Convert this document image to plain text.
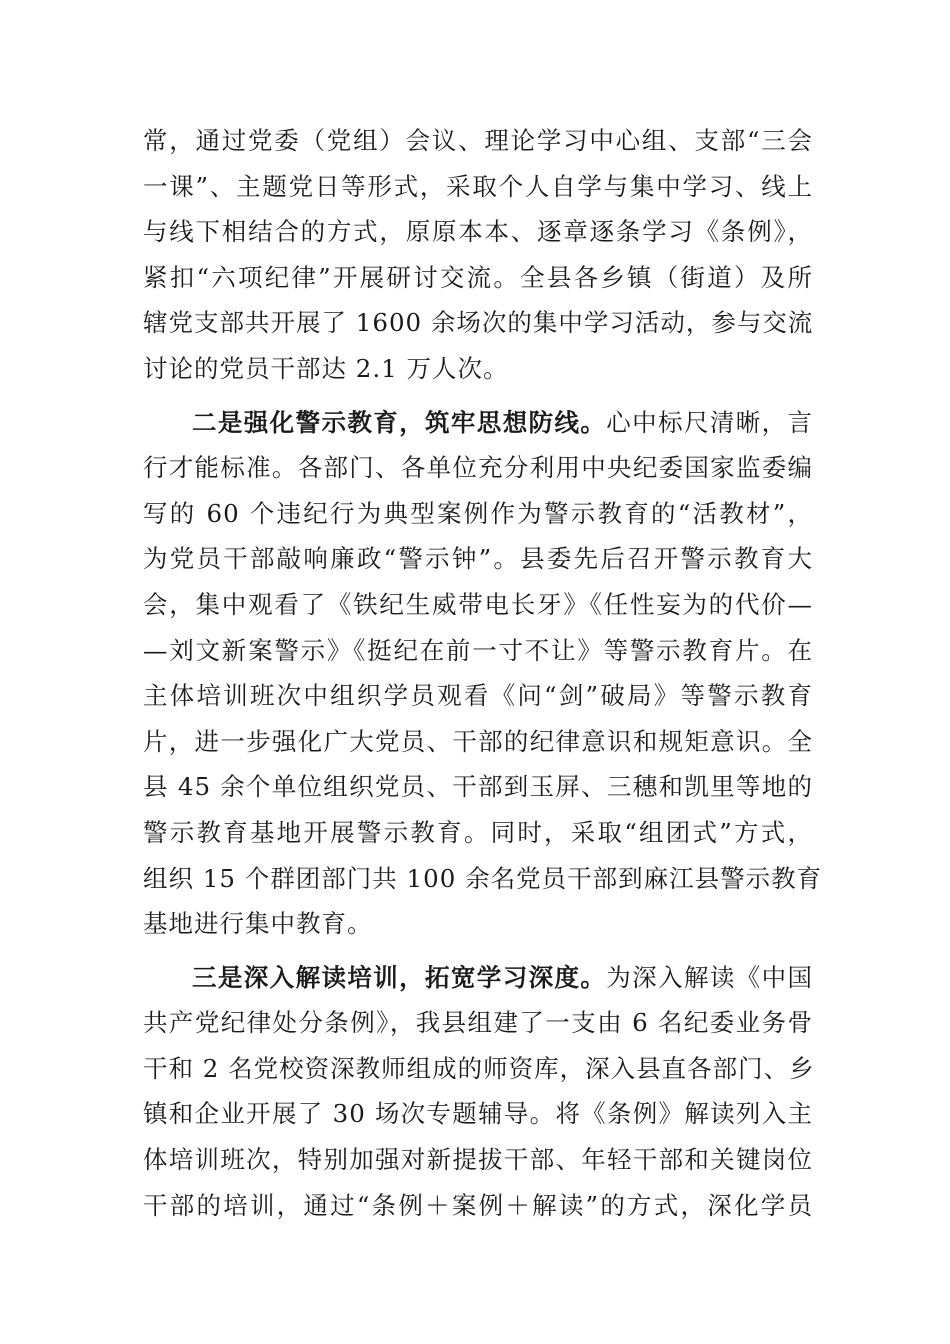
常，通过党委（党组）会议、理论学习中心组、支部“三会
一课”、主题党日等形式，采取个人自学与集中学习、线上
与线下相结合的方式，原原本本、逐章逐条学习《条例》，
紧扣“六项纪律”开展研讨交流。全县各乡镇（街道）及所
辖党支部共开展了 1600 余场次的集中学习活动，参与交流
讨论的党员干部达 2.1 万人次。
二是强化警示教育，筑牢思想防线。心中标尺清晰，言
行才能标准。各部门、各单位充分利用中央纪委国家监委编
写的 60 个违纪行为典型案例作为警示教育的“活教材”，
为党员干部敲响廉政“警示钟”。县委先后召开警示教育大
会，集中观看了《铁纪生威带电长牙》《任性妄为的代价—
—刘文新案警示》《挺纪在前一寸不让》等警示教育片。在
主体培训班次中组织学员观看《问“剑”破局》等警示教育
片，进一步强化广大党员、干部的纪律意识和规矩意识。全
县 45 余个单位组织党员、干部到玉屏、三穗和凯里等地的
警示教育基地开展警示教育。同时，采取“组团式”方式，
组织 15 个群团部门共 100 余名党员干部到麻江县警示教育
基地进行集中教育。
三是深入解读培训，拓宽学习深度。为深入解读《中国
共产党纪律处分条例》，我县组建了一支由 6 名纪委业务骨
干和 2 名党校资深教师组成的师资库，深入县直各部门、乡
镇和企业开展了 30 场次专题辅导。将《条例》解读列入主
体培训班次，特别加强对新提拔干部、年轻干部和关键岗位
干部的培训，通过“条例＋案例＋解读”的方式，深化学员
